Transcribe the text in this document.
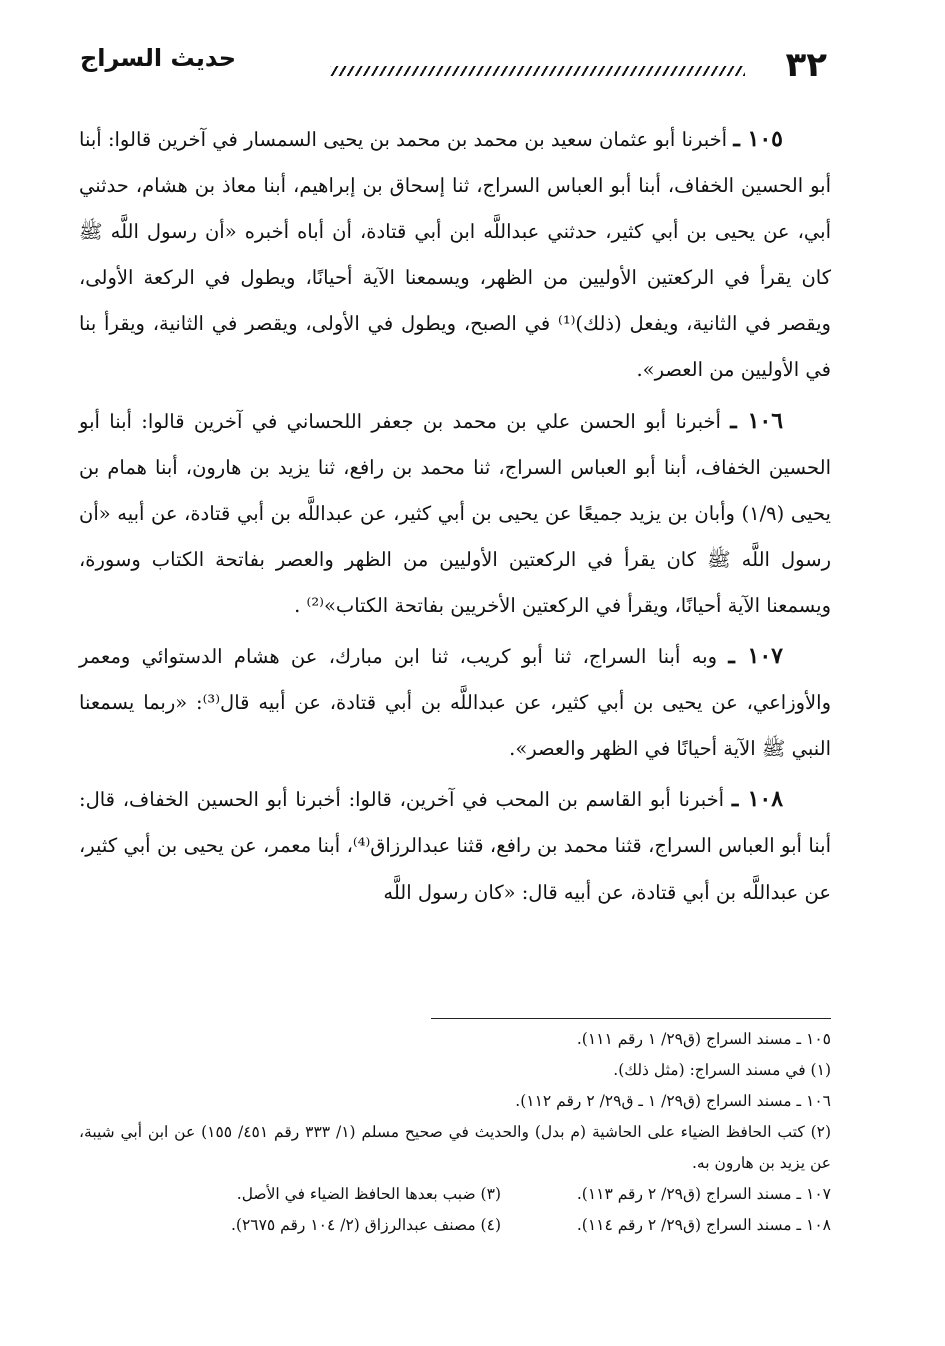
٣٢
حديث السراج

١٠٥ ـ أخبرنا أبو عثمان سعيد بن محمد بن محمد بن يحيى السمسار في آخرين قالوا: أبنا أبو الحسين الخفاف، أبنا أبو العباس السراج، ثنا إسحاق بن إبراهيم، أبنا معاذ بن هشام، حدثني أبي، عن يحيى بن أبي كثير، حدثني عبداللَّه ابن أبي قتادة، أن أباه أخبره «أن رسول اللَّه ﷺ كان يقرأ في الركعتين الأوليين من الظهر، ويسمعنا الآية أحيانًا، ويطول في الركعة الأولى، ويقصر في الثانية، ويفعل (ذلك)⁽¹⁾ في الصبح، ويطول في الأولى، ويقصر في الثانية، ويقرأ بنا في الأوليين من العصر».

١٠٦ ـ أخبرنا أبو الحسن علي بن محمد بن جعفر اللحساني في آخرين قالوا: أبنا أبو الحسين الخفاف، أبنا أبو العباس السراج، ثنا محمد بن رافع، ثنا يزيد بن هارون، أبنا همام بن يحيى (١/٩) وأبان بن يزيد جميعًا عن يحيى بن أبي كثير، عن عبداللَّه بن أبي قتادة، عن أبيه «أن رسول اللَّه ﷺ كان يقرأ في الركعتين الأوليين من الظهر والعصر بفاتحة الكتاب وسورة، ويسمعنا الآية أحيانًا، ويقرأ في الركعتين الأخريين بفاتحة الكتاب»⁽²⁾ .

١٠٧ ـ وبه أبنا السراج، ثنا أبو كريب، ثنا ابن مبارك، عن هشام الدستوائي ومعمر والأوزاعي، عن يحيى بن أبي كثير، عن عبداللَّه بن أبي قتادة، عن أبيه قال⁽³⁾: «ربما يسمعنا النبي ﷺ الآية أحيانًا في الظهر والعصر».

١٠٨ ـ أخبرنا أبو القاسم بن المحب في آخرين، قالوا: أخبرنا أبو الحسين الخفاف، قال: أبنا أبو العباس السراج، قثنا محمد بن رافع، قثنا عبدالرزاق⁽⁴⁾، أبنا معمر، عن يحيى بن أبي كثير، عن عبداللَّه بن أبي قتادة، عن أبيه قال: «كان رسول اللَّه

١٠٥ ـ مسند السراج (ق٢٩/ ١ رقم ١١١).

(١) في مسند السراج: (مثل ذلك).

١٠٦ ـ مسند السراج (ق٢٩/ ١ ـ ق٢٩/ ٢ رقم ١١٢).

(٢) كتب الحافظ الضياء على الحاشية (م بدل) والحديث في صحيح مسلم (١/ ٣٣٣ رقم ٤٥١/ ١٥٥) عن ابن أبي شيبة، عن يزيد بن هارون به.

١٠٧ ـ مسند السراج (ق٢٩/ ٢ رقم ١١٣).
(٣) ضبب بعدها الحافظ الضياء في الأصل.
١٠٨ ـ مسند السراج (ق٢٩/ ٢ رقم ١١٤).
(٤) مصنف عبدالرزاق (٢/ ١٠٤ رقم ٢٦٧٥).
